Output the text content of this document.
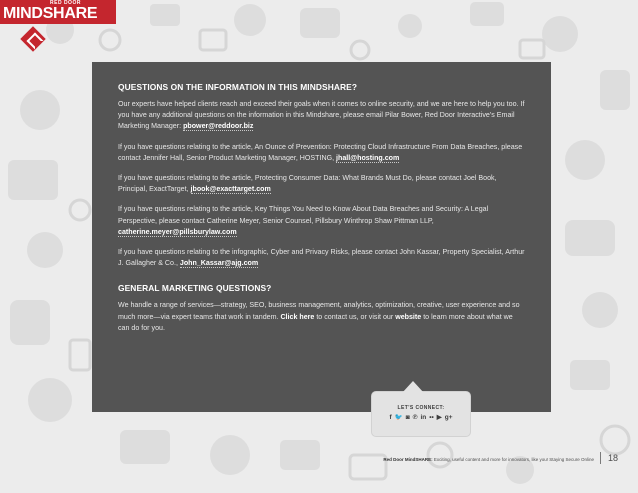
RED DOOR
MINDSHARE
QUESTIONS ON THE INFORMATION IN THIS MINDSHARE?

Our experts have helped clients reach and exceed their goals when it comes to online security, and we are here to help you too. If you have any additional questions on the information in this Mindshare, please email Pilar Bower, Red Door Interactive’s Email Marketing Manager: pbower@reddoor.biz

If you have questions relating to the article, An Ounce of Prevention: Protecting Cloud Infrastructure From Data Breaches, please contact Jennifer Hall, Senior Product Marketing Manager, HOSTING, jhall@hosting.com

If you have questions relating to the article, Protecting Consumer Data: What Brands Must Do, please contact Joel Book, Principal, ExactTarget, jbook@exacttarget.com

If you have questions relating to the article, Key Things You Need to Know About Data Breaches and Security: A Legal Perspective, please contact Catherine Meyer, Senior Counsel, Pillsbury Winthrop Shaw Pittman LLP, catherine.meyer@pillsburylaw.com

If you have questions relating to the infographic, Cyber and Privacy Risks, please contact John Kassar, Property Specialist, Arthur J. Gallagher & Co., John_Kassar@ajg.com

GENERAL MARKETING QUESTIONS?

We handle a range of services—strategy, SEO, business management, analytics, optimization, creative, user experience and so much more—via expert teams that work in tandem. Click here to contact us, or visit our website to learn more about what we can do for you.

LET’S CONNECT:
f 🐦 ◙ ℗ in •• ▶ g+
Red Door MindSHARE: Exciting, useful content and more for innovators, like you! Staying Secure Online	18
